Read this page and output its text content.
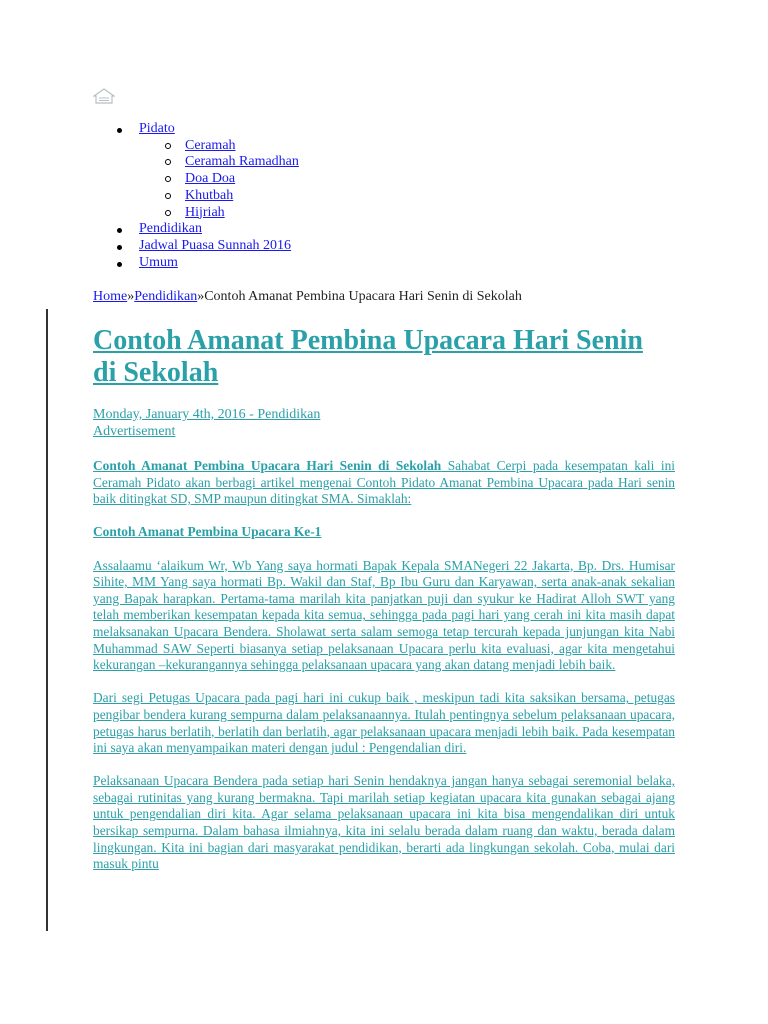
Pidato
Ceramah
Ceramah Ramadhan
Doa Doa
Khutbah
Hijriah
Pendidikan
Jadwal Puasa Sunnah 2016
Umum
Home»Pendidikan»Contoh Amanat Pembina Upacara Hari Senin di Sekolah
Contoh Amanat Pembina Upacara Hari Senin di Sekolah
Monday, January 4th, 2016 - Pendidikan
Advertisement

Contoh Amanat Pembina Upacara Hari Senin di Sekolah Sahabat Cerpi pada kesempatan kali ini Ceramah Pidato akan berbagi artikel mengenai Contoh Pidato Amanat Pembina Upacara pada Hari senin baik ditingkat SD, SMP maupun ditingkat SMA. Simaklah:

Contoh Amanat Pembina Upacara Ke-1

Assalaamu ‘alaikum Wr, Wb Yang saya hormati Bapak Kepala SMANegeri 22 Jakarta, Bp. Drs. Humisar Sihite, MM Yang saya hormati Bp. Wakil dan Staf, Bp Ibu Guru dan Karyawan, serta anak-anak sekalian yang Bapak harapkan. Pertama-tama marilah kita panjatkan puji dan syukur ke Hadirat Alloh SWT yang telah memberikan kesempatan kepada kita semua, sehingga pada pagi hari yang cerah ini kita masih dapat melaksanakan Upacara Bendera. Sholawat serta salam semoga tetap tercurah kepada junjungan kita Nabi Muhammad SAW Seperti biasanya setiap pelaksanaan Upacara perlu kita evaluasi, agar kita mengetahui kekurangan –kekurangannya sehingga pelaksanaan upacara yang akan datang menjadi lebih baik.

Dari segi Petugas Upacara pada pagi hari ini cukup baik , meskipun tadi kita saksikan bersama, petugas pengibar bendera kurang sempurna dalam pelaksanaannya. Itulah pentingnya sebelum pelaksanaan upacara, petugas harus berlatih, berlatih dan berlatih, agar pelaksanaan upacara menjadi lebih baik. Pada kesempatan ini saya akan menyampaikan materi dengan judul : Pengendalian diri.

Pelaksanaan Upacara Bendera pada setiap hari Senin hendaknya jangan hanya sebagai seremonial belaka, sebagai rutinitas yang kurang bermakna. Tapi marilah setiap kegiatan upacara kita gunakan sebagai ajang untuk pengendalian diri kita. Agar selama pelaksanaan upacara ini kita bisa mengendalikan diri untuk bersikap sempurna. Dalam bahasa ilmiahnya, kita ini selalu berada dalam ruang dan waktu, berada dalam lingkungan. Kita ini bagian dari masyarakat pendidikan, berarti ada lingkungan sekolah. Coba, mulai dari masuk pintu
